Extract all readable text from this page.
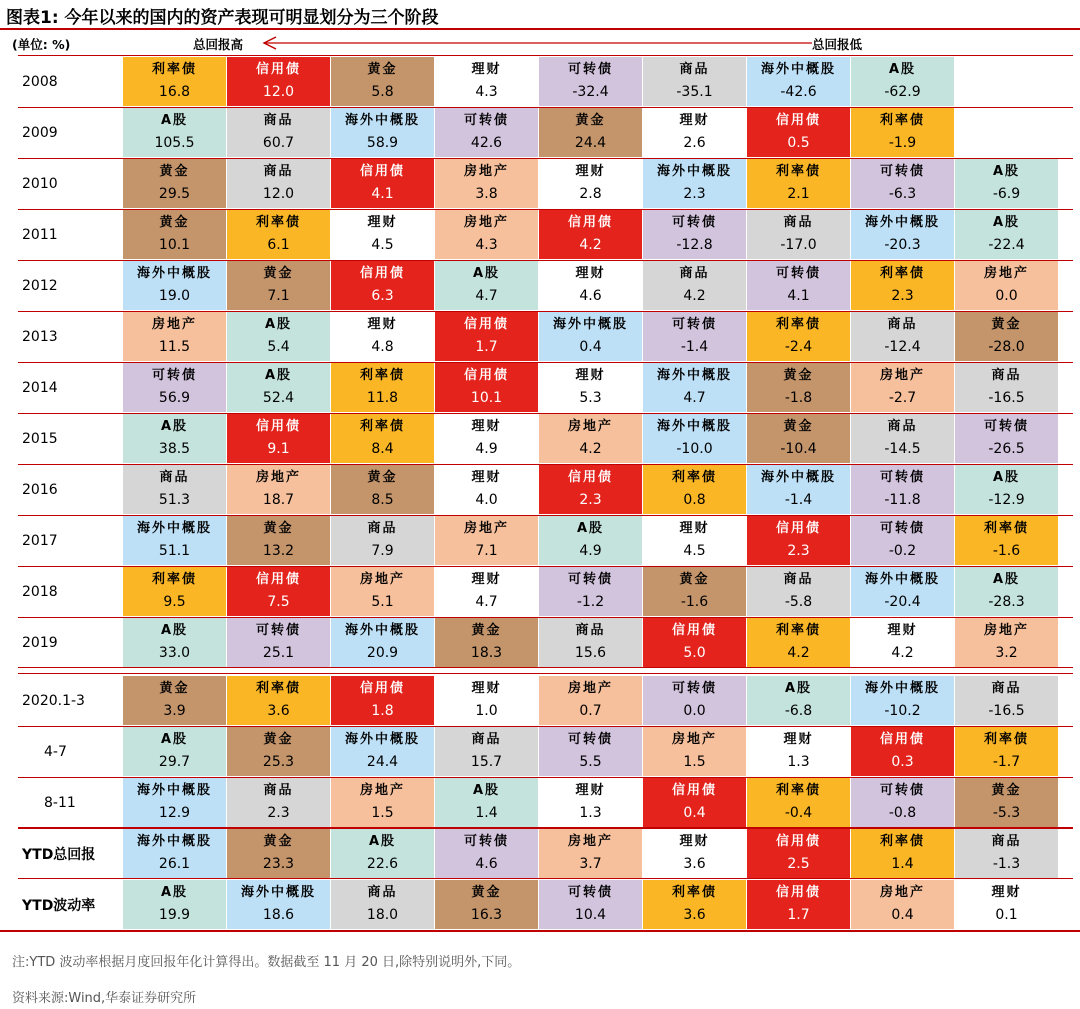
图表1: 今年以来的国内的资产表现可明显划分为三个阶段
(单位: %)	总回报高	总回报低
2008
利率债
16.8
信用债
12.0
黄金
5.8
理财
4.3
可转债
-32.4
商品
-35.1
海外中概股
-42.6
A股
-62.9
2009
A股
105.5
商品
60.7
海外中概股
58.9
可转债
42.6
黄金
24.4
理财
2.6
信用债
0.5
利率债
-1.9
2010
黄金
29.5
商品
12.0
信用债
4.1
房地产
3.8
理财
2.8
海外中概股
2.3
利率债
2.1
可转债
-6.3
A股
-6.9
2011
黄金
10.1
利率债
6.1
理财
4.5
房地产
4.3
信用债
4.2
可转债
-12.8
商品
-17.0
海外中概股
-20.3
A股
-22.4
2012
海外中概股
19.0
黄金
7.1
信用债
6.3
A股
4.7
理财
4.6
商品
4.2
可转债
4.1
利率债
2.3
房地产
0.0
2013
房地产
11.5
A股
5.4
理财
4.8
信用债
1.7
海外中概股
0.4
可转债
-1.4
利率债
-2.4
商品
-12.4
黄金
-28.0
2014
可转债
56.9
A股
52.4
利率债
11.8
信用债
10.1
理财
5.3
海外中概股
4.7
黄金
-1.8
房地产
-2.7
商品
-16.5
2015
A股
38.5
信用债
9.1
利率债
8.4
理财
4.9
房地产
4.2
海外中概股
-10.0
黄金
-10.4
商品
-14.5
可转债
-26.5
2016
商品
51.3
房地产
18.7
黄金
8.5
理财
4.0
信用债
2.3
利率债
0.8
海外中概股
-1.4
可转债
-11.8
A股
-12.9
2017
海外中概股
51.1
黄金
13.2
商品
7.9
房地产
7.1
A股
4.9
理财
4.5
信用债
2.3
可转债
-0.2
利率债
-1.6
2018
利率债
9.5
信用债
7.5
房地产
5.1
理财
4.7
可转债
-1.2
黄金
-1.6
商品
-5.8
海外中概股
-20.4
A股
-28.3
2019
A股
33.0
可转债
25.1
海外中概股
20.9
黄金
18.3
商品
15.6
信用债
5.0
利率债
4.2
理财
4.2
房地产
3.2
2020.1-3
黄金
3.9
利率债
3.6
信用债
1.8
理财
1.0
房地产
0.7
可转债
0.0
A股
-6.8
海外中概股
-10.2
商品
-16.5
4-7
A股
29.7
黄金
25.3
海外中概股
24.4
商品
15.7
可转债
5.5
房地产
1.5
理财
1.3
信用债
0.3
利率债
-1.7
8-11
海外中概股
12.9
商品
2.3
房地产
1.5
A股
1.4
理财
1.3
信用债
0.4
利率债
-0.4
可转债
-0.8
黄金
-5.3
YTD总回报
海外中概股
26.1
黄金
23.3
A股
22.6
可转债
4.6
房地产
3.7
理财
3.6
信用债
2.5
利率债
1.4
商品
-1.3
YTD波动率
A股
19.9
海外中概股
18.6
商品
18.0
黄金
16.3
可转债
10.4
利率债
3.6
信用债
1.7
房地产
0.4
理财
0.1
注:YTD 波动率根据月度回报年化计算得出。数据截至 11 月 20 日,除特别说明外,下同。
资料来源:Wind,华泰证券研究所
